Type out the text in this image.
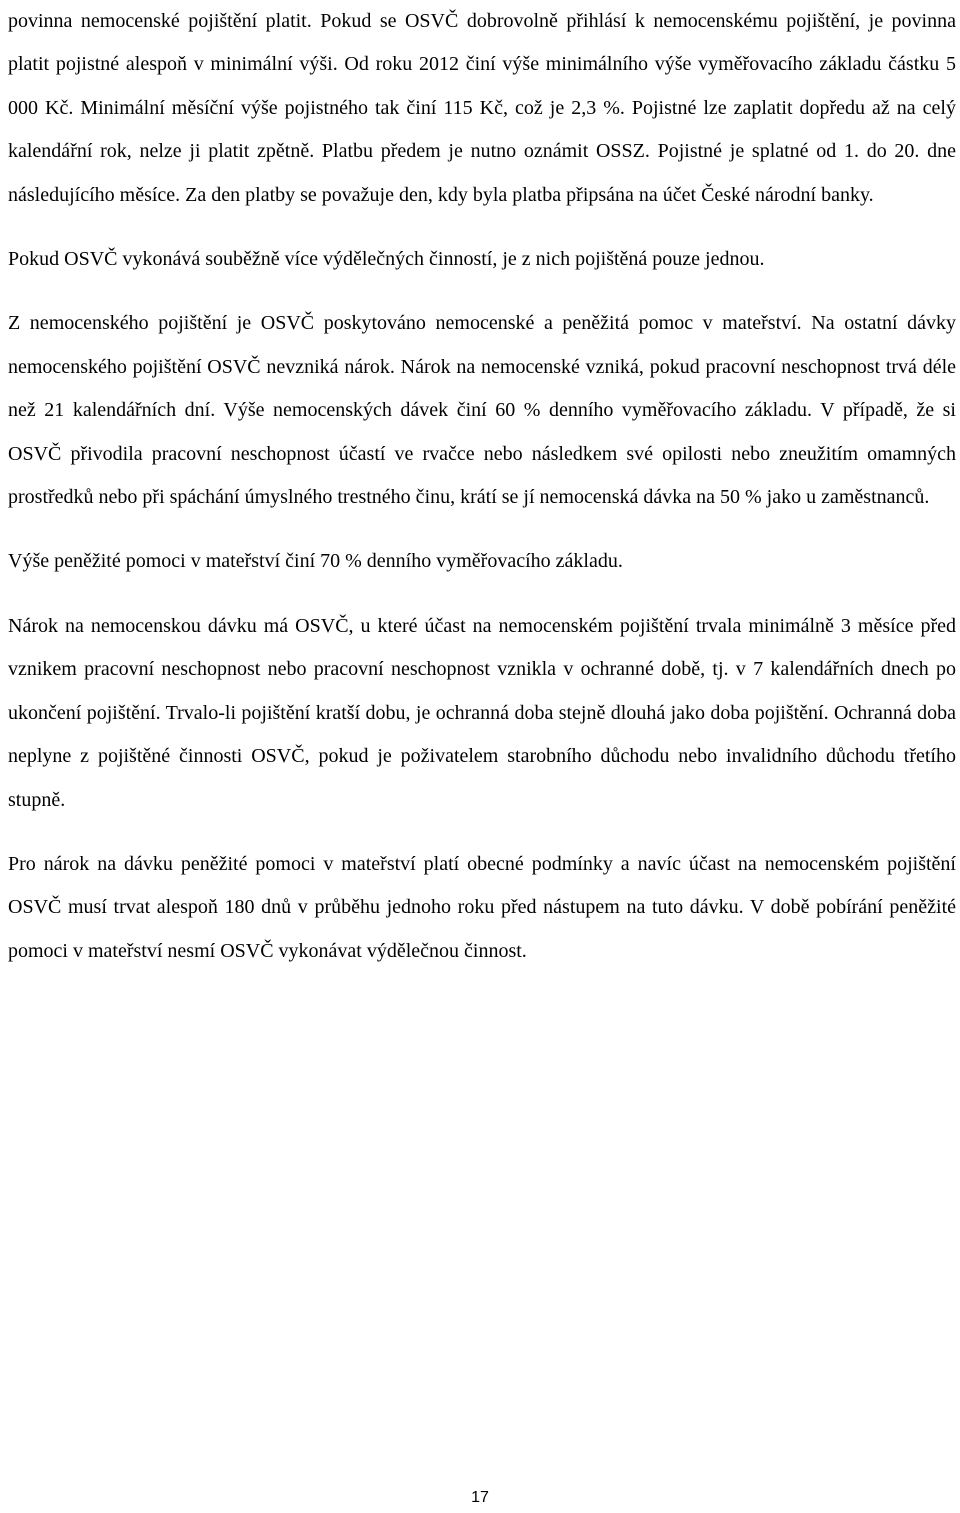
povinna nemocenské pojištění platit. Pokud se OSVČ dobrovolně přihlásí k nemocenskému pojištění, je povinna platit pojistné alespoň v minimální výši. Od roku 2012 činí výše minimálního výše vyměřovacího základu částku 5 000 Kč. Minimální měsíční výše pojistného tak činí 115 Kč, což je 2,3 %. Pojistné lze zaplatit dopředu až na celý kalendářní rok, nelze ji platit zpětně. Platbu předem je nutno oznámit OSSZ. Pojistné je splatné od 1. do 20. dne následujícího měsíce. Za den platby se považuje den, kdy byla platba připsána na účet České národní banky.

Pokud OSVČ vykonává souběžně více výdělečných činností, je z nich pojištěná pouze jednou.

Z nemocenského pojištění je OSVČ poskytováno nemocenské a peněžitá pomoc v mateřství. Na ostatní dávky nemocenského pojištění OSVČ nevzniká nárok. Nárok na nemocenské vzniká, pokud pracovní neschopnost trvá déle než 21 kalendářních dní. Výše nemocenských dávek činí 60 % denního vyměřovacího základu. V případě, že si OSVČ přivodila pracovní neschopnost účastí ve rvačce nebo následkem své opilosti nebo zneužitím omamných prostředků nebo při spáchání úmyslného trestného činu, krátí se jí nemocenská dávka na 50 % jako u zaměstnanců.

Výše peněžité pomoci v mateřství činí 70 % denního vyměřovacího základu.

Nárok na nemocenskou dávku má OSVČ, u které účast na nemocenském pojištění trvala minimálně 3 měsíce před vznikem pracovní neschopnost nebo pracovní neschopnost vznikla v ochranné době, tj. v 7 kalendářních dnech po ukončení pojištění. Trvalo-li pojištění kratší dobu, je ochranná doba stejně dlouhá jako doba pojištění. Ochranná doba neplyne z pojištěné činnosti OSVČ, pokud je poživatelem starobního důchodu nebo invalidního důchodu třetího stupně.

Pro nárok na dávku peněžité pomoci v mateřství platí obecné podmínky a navíc účast na nemocenském pojištění OSVČ musí trvat alespoň 180 dnů v průběhu jednoho roku před nástupem na tuto dávku. V době pobírání peněžité pomoci v mateřství nesmí OSVČ vykonávat výdělečnou činnost.

17
